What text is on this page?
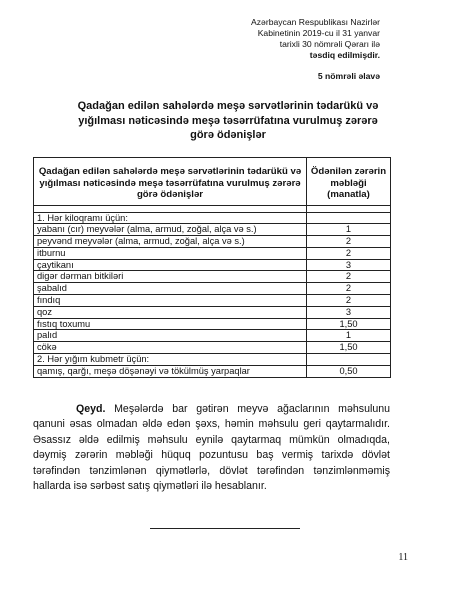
Azərbaycan Respublikası Nazirlər
Kabinetinin 2019-cu il 31 yanvar
tarixli 30 nömrəli Qərarı ilə
təsdiq edilmişdir.
5 nömrəli əlavə
Qadağan edilən sahələrdə meşə sərvətlərinin tədarükü və
yığılması nəticəsində meşə təsərrüfatına vurulmuş zərərə
görə ödənişlər
Qadağan edilən sahələrdə meşə sərvətlərinin tədarükü və yığılması nəticəsində meşə təsərrüfatına vurulmuş zərərə görə ödənişlər	Ödənilən zərərin məbləği (manatla)

1. Hər kiloqramı üçün:	
yabanı (cır) meyvələr (alma, armud, zoğal, alça və s.)	1
peyvənd meyvələr (alma, armud, zoğal, alça və s.)	2
itburnu	2
çaytikanı	3
digər dərman bitkiləri	2
şabalıd	2
fındıq	2
qoz	3
fıstıq toxumu	1,50
palıd	1
cökə	1,50
2. Hər yığım kubmetr üçün:	
qamış, qarğı, meşə döşənəyi və tökülmüş yarpaqlar	0,50
Qeyd. Meşələrdə bar gətirən meyvə ağaclarının məhsulunu qanuni əsas olmadan əldə edən şəxs, həmin məhsulu geri qaytarmalıdır. Əsassız əldə edilmiş məhsulu eynilə qaytarmaq mümkün olmadıqda, dəymiş zərərin məbləği hüquq pozuntusu baş vermiş tarixdə dövlət tərəfindən tənzimlənən qiymətlərlə, dövlət tərəfindən tənzimlənməmiş hallarda isə sərbəst satış qiymətləri ilə hesablanır.
11
